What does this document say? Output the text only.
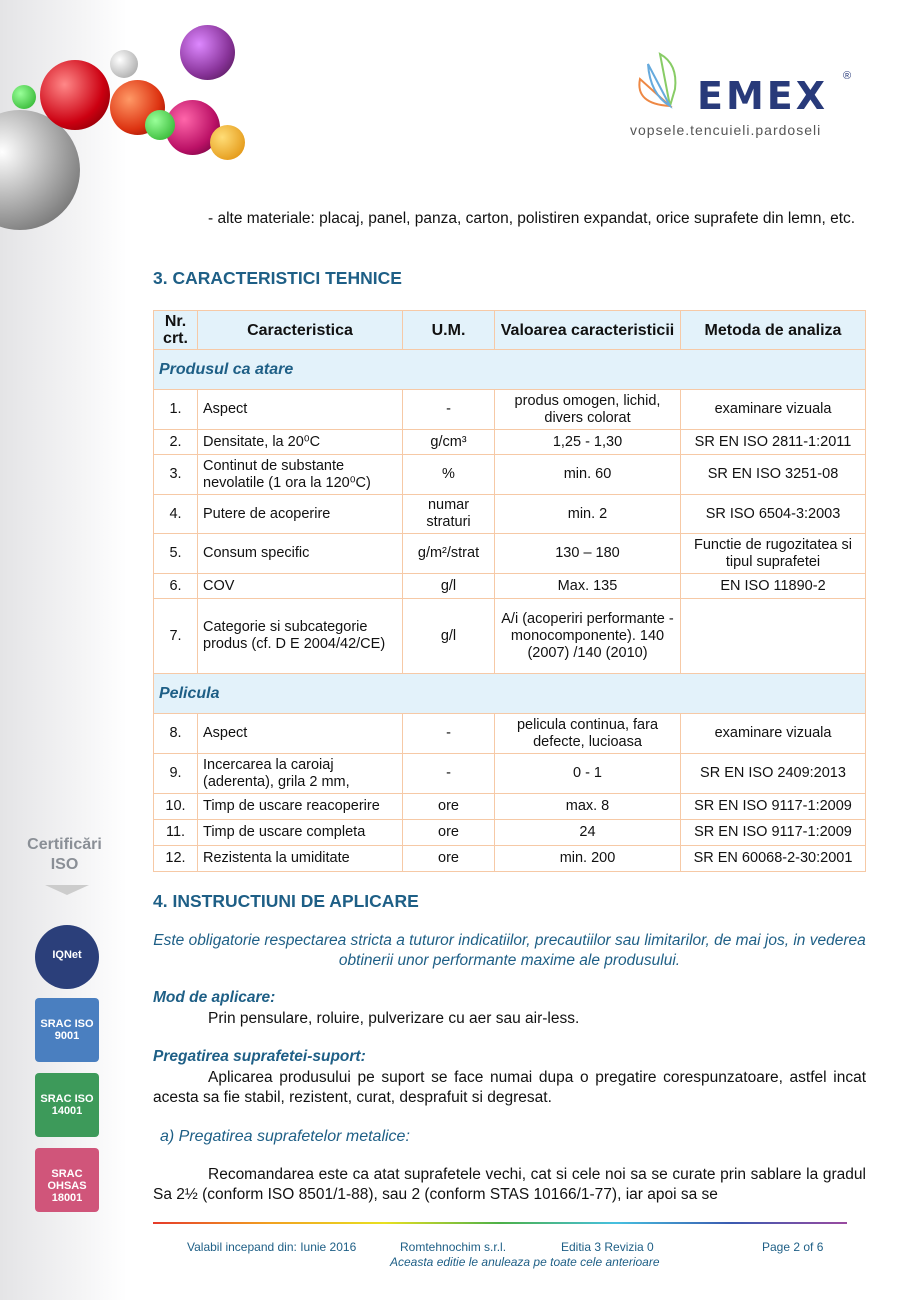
EMEX ®
vopsele.tencuieli.pardoseli
- alte materiale: placaj, panel, panza, carton, polistiren expandat, orice suprafete din lemn, etc.
3. CARACTERISTICI TEHNICE
Nr. crt.	Caracteristica	U.M.	Valoarea caracteristicii	Metoda de analiza
Produsul ca atare				
1.	Aspect	-	produs omogen, lichid, divers colorat	examinare vizuala
2.	Densitate, la 20⁰C	g/cm³	1,25 - 1,30	SR EN ISO 2811-1:2011
3.	Continut de substante nevolatile (1 ora la 120⁰C)	%	min. 60	SR EN ISO 3251-08
4.	Putere de acoperire	numar straturi	min. 2	SR ISO 6504-3:2003
5.	Consum specific	g/m²/strat	130 – 180	Functie de rugozitatea si tipul suprafetei
6.	COV	g/l	Max. 135	EN ISO 11890-2
7.	Categorie si subcategorie produs (cf. D E 2004/42/CE)	g/l	A/i (acoperiri performante - monocomponente). 140 (2007) /140 (2010)	
Pelicula				
8.	Aspect	-	pelicula continua, fara defecte, lucioasa	examinare vizuala
9.	Incercarea la caroiaj (aderenta), grila 2 mm,	-	0 - 1	SR EN ISO 2409:2013
10.	Timp de uscare reacoperire	ore	max. 8	SR EN ISO 9117-1:2009
11.	Timp de uscare completa	ore	24	SR EN ISO 9117-1:2009
12.	Rezistenta la umiditate	ore	min. 200	SR EN 60068-2-30:2001
4. INSTRUCTIUNI DE APLICARE
Este obligatorie respectarea stricta a tuturor indicatiilor, precautiilor sau limitarilor, de mai jos, in vederea obtinerii unor performante maxime ale produsului.
Mod de aplicare:
Prin pensulare, roluire, pulverizare cu aer sau air-less.
Pregatirea suprafetei-suport:
Aplicarea produsului pe suport se face numai dupa o pregatire corespunzatoare, astfel incat acesta sa fie stabil, rezistent, curat, desprafuit si degresat.
a) Pregatirea suprafetelor metalice:
Recomandarea este ca atat suprafetele vechi, cat si cele noi sa se curate prin sablare la gradul Sa 2½ (conform ISO 8501/1-88), sau 2 (conform STAS 10166/1-77), iar apoi sa se
Certificări ISO
IQNet
SRAC ISO 9001
SRAC ISO 14001
SRAC OHSAS 18001
Valabil incepand din: Iunie 2016	Romtehnochim s.r.l.	Editia 3 Revizia 0	Page 2 of 6
Aceasta editie le anuleaza pe toate cele anterioare
